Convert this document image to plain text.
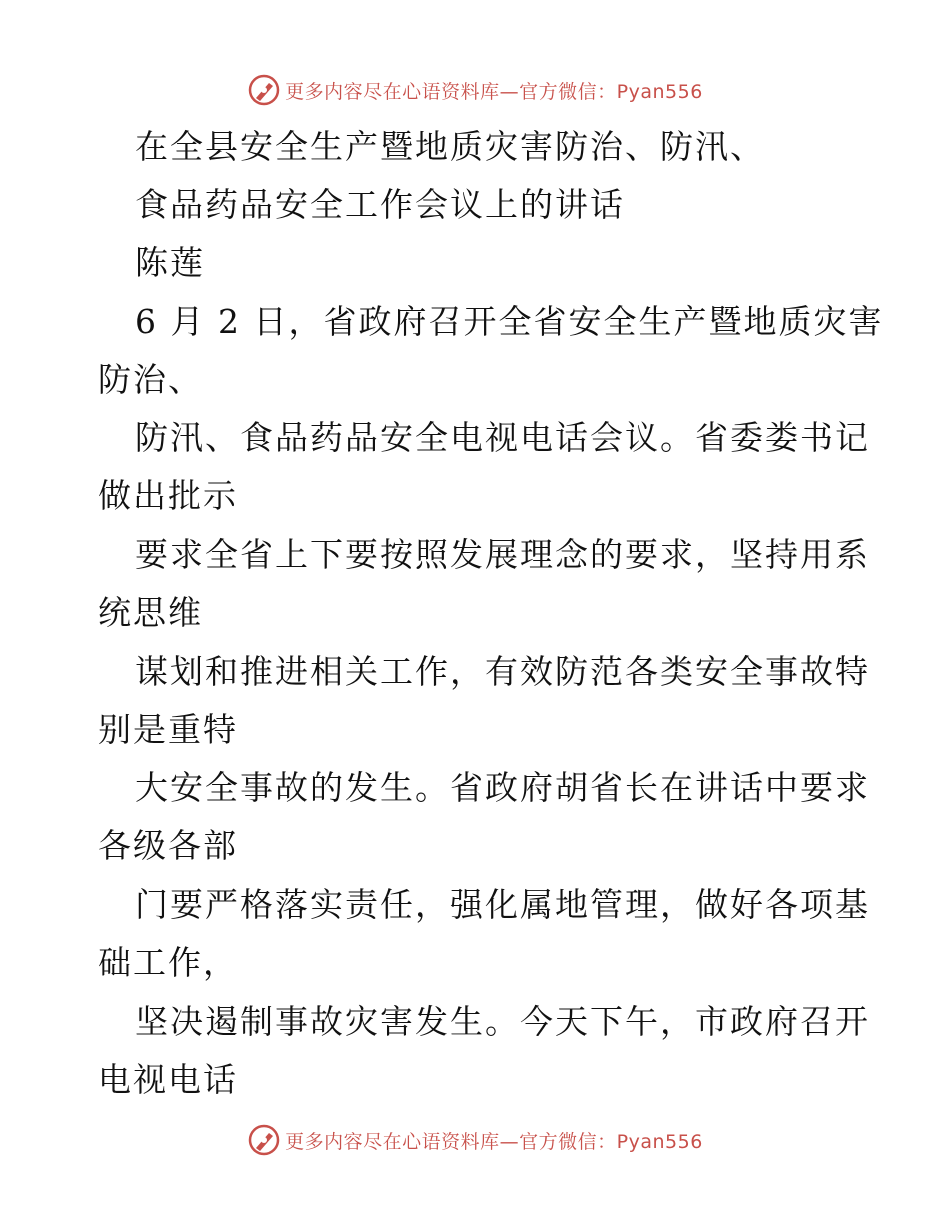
更多内容尽在心语资料库—官方微信：Pyan556
在全县安全生产暨地质灾害防治、防汛、
食品药品安全工作会议上的讲话
陈莲
6 月 2 日，省政府召开全省安全生产暨地质灾害
防治、
防汛、食品药品安全电视电话会议。省委娄书记
做出批示
要求全省上下要按照发展理念的要求，坚持用系
统思维
谋划和推进相关工作，有效防范各类安全事故特
别是重特
大安全事故的发生。省政府胡省长在讲话中要求
各级各部
门要严格落实责任，强化属地管理，做好各项基
础工作，
坚决遏制事故灾害发生。今天下午，市政府召开
电视电话
更多内容尽在心语资料库—官方微信：Pyan556
